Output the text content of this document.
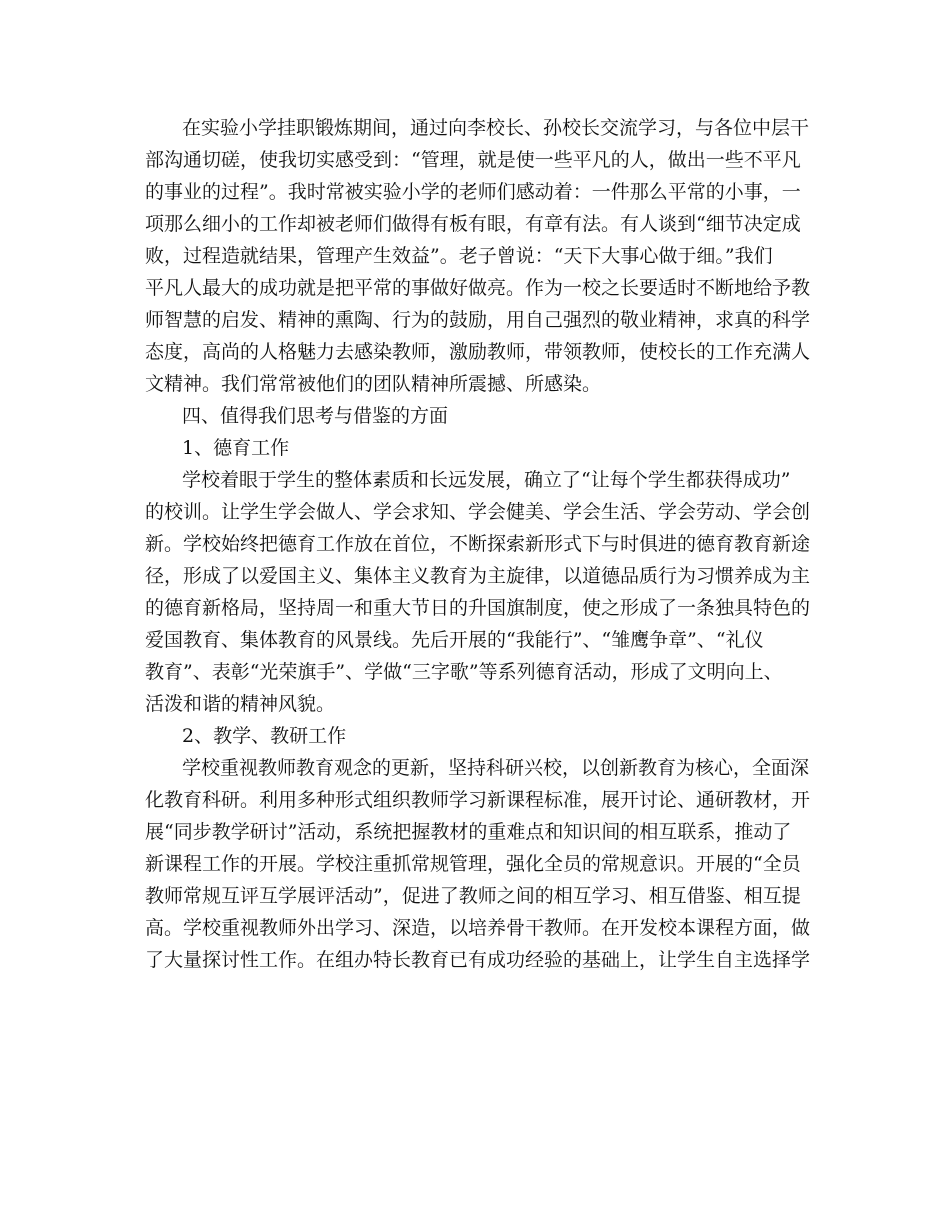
在实验小学挂职锻炼期间，通过向李校长、孙校长交流学习，与各位中层干
部沟通切磋，使我切实感受到：“管理，就是使一些平凡的人，做出一些不平凡
的事业的过程”。我时常被实验小学的老师们感动着：一件那么平常的小事，一
项那么细小的工作却被老师们做得有板有眼，有章有法。有人谈到“细节决定成
败，过程造就结果，管理产生效益”。老子曾说：“天下大事心做于细。”我们
平凡人最大的成功就是把平常的事做好做亮。作为一校之长要适时不断地给予教
师智慧的启发、精神的熏陶、行为的鼓励，用自己强烈的敬业精神，求真的科学
态度，高尚的人格魅力去感染教师，激励教师，带领教师，使校长的工作充满人
文精神。我们常常被他们的团队精神所震撼、所感染。
四、值得我们思考与借鉴的方面
1、德育工作
学校着眼于学生的整体素质和长远发展，确立了“让每个学生都获得成功”
的校训。让学生学会做人、学会求知、学会健美、学会生活、学会劳动、学会创
新。学校始终把德育工作放在首位，不断探索新形式下与时俱进的德育教育新途
径，形成了以爱国主义、集体主义教育为主旋律，以道德品质行为习惯养成为主
的德育新格局，坚持周一和重大节日的升国旗制度，使之形成了一条独具特色的
爱国教育、集体教育的风景线。先后开展的“我能行”、“雏鹰争章”、“礼仪
教育”、表彰“光荣旗手”、学做“三字歌”等系列德育活动，形成了文明向上、
活泼和谐的精神风貌。
2、教学、教研工作
学校重视教师教育观念的更新，坚持科研兴校，以创新教育为核心，全面深
化教育科研。利用多种形式组织教师学习新课程标准，展开讨论、通研教材，开
展“同步教学研讨”活动，系统把握教材的重难点和知识间的相互联系，推动了
新课程工作的开展。学校注重抓常规管理，强化全员的常规意识。开展的“全员
教师常规互评互学展评活动”，促进了教师之间的相互学习、相互借鉴、相互提
高。学校重视教师外出学习、深造，以培养骨干教师。在开发校本课程方面，做
了大量探讨性工作。在组办特长教育已有成功经验的基础上，让学生自主选择学
